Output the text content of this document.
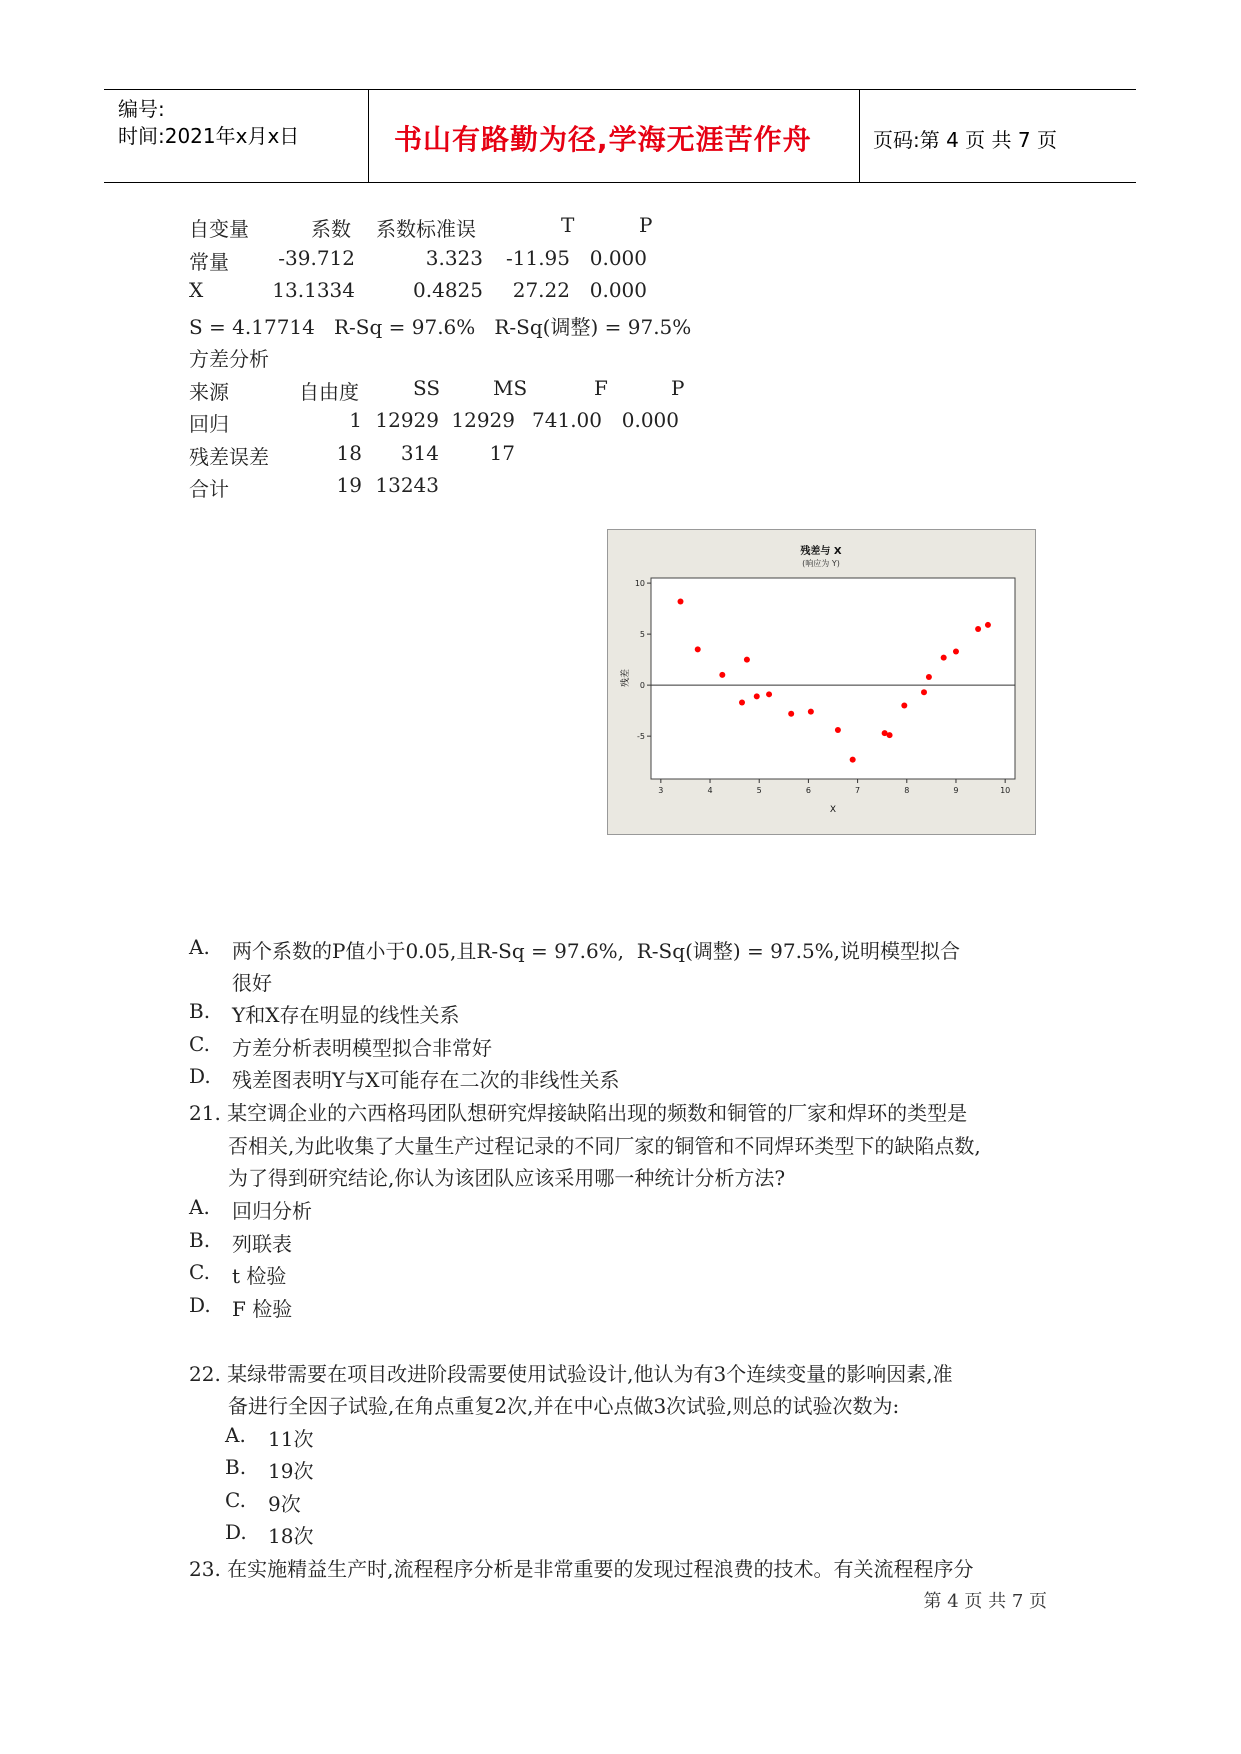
编号:
时间:2021年x月x日	书山有路勤为径,学海无涯苦作舟	页码:第 4 页 共 7 页
自变量	系数 系数标准误	T	P
常量 -39.712	3.323 -11.95 0.000
X	13.1334	0.4825 27.22 0.000
S = 4.17714   R-Sq = 97.6%   R-Sq(调整) = 97.5%
方差分析
来源	自由度	SS	MS	F	P
回归	1 12929 12929 741.00 0.000
残差误差	18 314	17
合计	19 13243
残差与 X
(响应为 Y)
3	4	5	6	7	8	9	10
10
5
0
-5
X
残差
A. 两个系数的P值小于0.05,且R-Sq = 97.6%,  R-Sq(调整) = 97.5%,说明模型拟合
很好
B. Y和X存在明显的线性关系
C. 方差分析表明模型拟合非常好
D. 残差图表明Y与X可能存在二次的非线性关系
21. 某空调企业的六西格玛团队想研究焊接缺陷出现的频数和铜管的厂家和焊环的类型是
否相关,为此收集了大量生产过程记录的不同厂家的铜管和不同焊环类型下的缺陷点数,
为了得到研究结论,你认为该团队应该采用哪一种统计分析方法?
A. 回归分析
B. 列联表
C. t 检验
D. F 检验
22. 某绿带需要在项目改进阶段需要使用试验设计,他认为有3个连续变量的影响因素,准
备进行全因子试验,在角点重复2次,并在中心点做3次试验,则总的试验次数为:
A. 11次
B. 19次
C. 9次
D. 18次
23. 在实施精益生产时,流程程序分析是非常重要的发现过程浪费的技术。有关流程程序分
第 4 页 共 7 页
